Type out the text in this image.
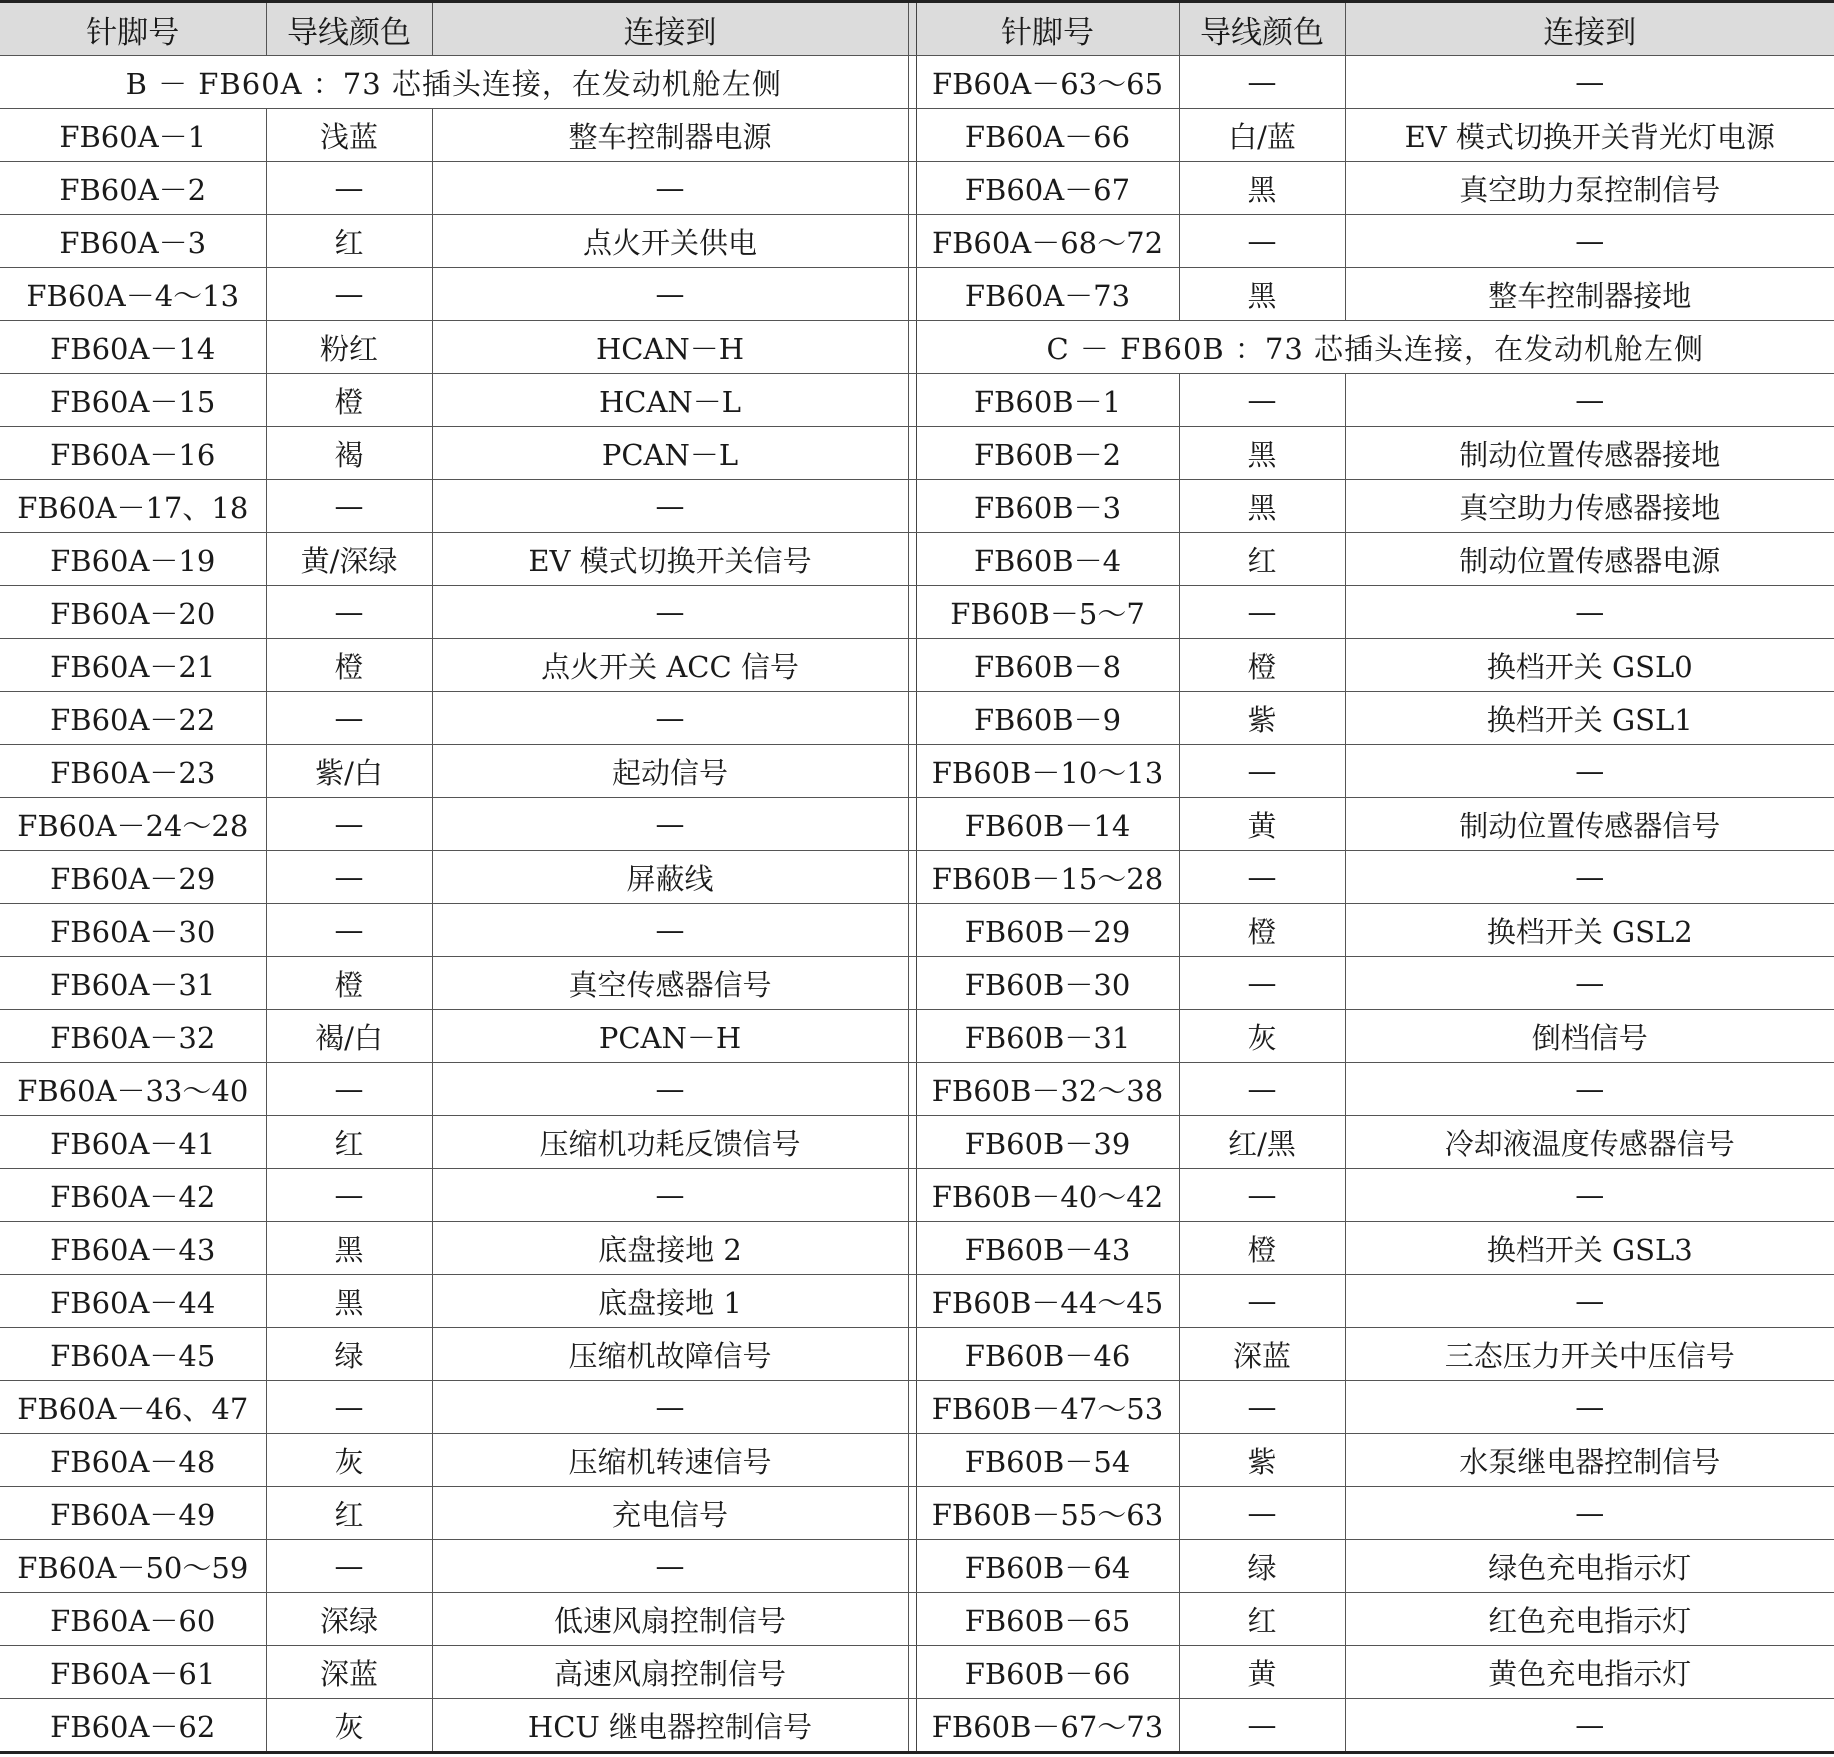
针脚号	导线颜色	连接到		针脚号	导线颜色	连接到
B － FB60A ：73 芯插头连接，在发动机舱左侧				FB60A－63～65	—	—
FB60A－1	浅蓝	整车控制器电源		FB60A－66	白/蓝	EV 模式切换开关背光灯电源
FB60A－2	—	—		FB60A－67	黑	真空助力泵控制信号
FB60A－3	红	点火开关供电		FB60A－68～72	—	—
FB60A－4～13	—	—		FB60A－73	黑	整车控制器接地
FB60A－14	粉红	HCAN－H		C － FB60B ：73 芯插头连接，在发动机舱左侧		
FB60A－15	橙	HCAN－L		FB60B－1	—	—
FB60A－16	褐	PCAN－L		FB60B－2	黑	制动位置传感器接地
FB60A－17、18	—	—		FB60B－3	黑	真空助力传感器接地
FB60A－19	黄/深绿	EV 模式切换开关信号		FB60B－4	红	制动位置传感器电源
FB60A－20	—	—		FB60B－5～7	—	—
FB60A－21	橙	点火开关 ACC 信号		FB60B－8	橙	换档开关 GSL0
FB60A－22	—	—		FB60B－9	紫	换档开关 GSL1
FB60A－23	紫/白	起动信号		FB60B－10～13	—	—
FB60A－24～28	—	—		FB60B－14	黄	制动位置传感器信号
FB60A－29	—	屏蔽线		FB60B－15～28	—	—
FB60A－30	—	—		FB60B－29	橙	换档开关 GSL2
FB60A－31	橙	真空传感器信号		FB60B－30	—	—
FB60A－32	褐/白	PCAN－H		FB60B－31	灰	倒档信号
FB60A－33～40	—	—		FB60B－32～38	—	—
FB60A－41	红	压缩机功耗反馈信号		FB60B－39	红/黑	冷却液温度传感器信号
FB60A－42	—	—		FB60B－40～42	—	—
FB60A－43	黑	底盘接地 2		FB60B－43	橙	换档开关 GSL3
FB60A－44	黑	底盘接地 1		FB60B－44～45	—	—
FB60A－45	绿	压缩机故障信号		FB60B－46	深蓝	三态压力开关中压信号
FB60A－46、47	—	—		FB60B－47～53	—	—
FB60A－48	灰	压缩机转速信号		FB60B－54	紫	水泵继电器控制信号
FB60A－49	红	充电信号		FB60B－55～63	—	—
FB60A－50～59	—	—		FB60B－64	绿	绿色充电指示灯
FB60A－60	深绿	低速风扇控制信号		FB60B－65	红	红色充电指示灯
FB60A－61	深蓝	高速风扇控制信号		FB60B－66	黄	黄色充电指示灯
FB60A－62	灰	HCU 继电器控制信号		FB60B－67～73	—	—
